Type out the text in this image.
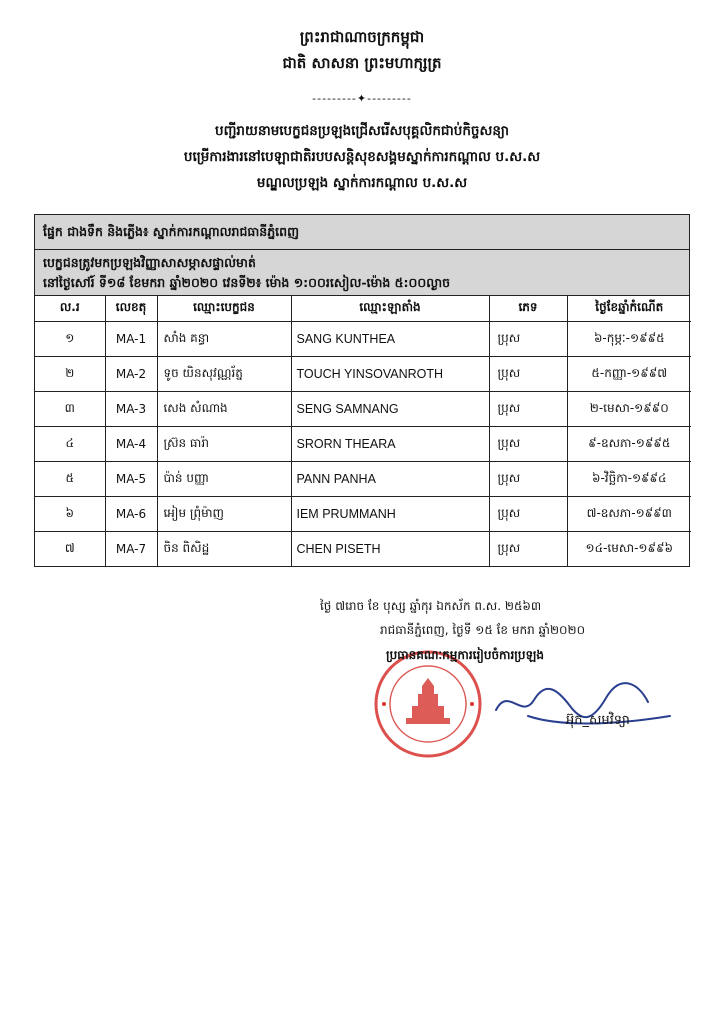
ព្រះរាជាណាចក្រកម្ពុជា
ជាតិ សាសនា ព្រះមហាក្សត្រ
---------✦---------
បញ្ជីរាយនាមបេក្ខជនប្រឡងជ្រើសរើសបុគ្គលិកជាប់កិច្ចសន្យា
បម្រើការងារនៅបេឡាជាតិរបបសន្តិសុខសង្គមស្នាក់ការកណ្តាល ប.ស.ស
មណ្ឌលប្រឡង ស្នាក់ការកណ្តាល ប.ស.ស
ផ្នែក ជាងទឹក និងភ្លើង៖ ស្នាក់ការកណ្តាលរាជធានីភ្នំពេញ
បេក្ខជនត្រូវមកប្រឡងវិញ្ញាសាសម្ភាសផ្ទាល់មាត់
នៅថ្ងៃសៅរ៍ ទី១៨ ខែមករា ឆ្នាំ២០២០ វេនទី២៖ ម៉ោង ១:០០រសៀល-ម៉ោង ៥:០០ល្ងាច
ល.រ	លេខតុ	ឈ្មោះបេក្ខជន	ឈ្មោះឡាតាំង	ភេទ	ថ្ងៃខែឆ្នាំកំណើត
១	MA-1	សាំង គន្ធា	SANG KUNTHEA	ប្រុស	៦-កុម្ភៈ-១៩៩៥
២	MA-2	ទូច យិនសុវណ្ណរ័ត្ន	TOUCH YINSOVANROTH	ប្រុស	៥-កញ្ញា-១៩៩៧
៣	MA-3	សេង សំណាង	SENG SAMNANG	ប្រុស	២-មេសា-១៩៩០
៤	MA-4	ស្រ៊ន ធារ៉ា	SRORN THEARA	ប្រុស	៩-ឧសភា-១៩៩៥
៥	MA-5	ប៉ាន់ បញ្ញា	PANN PANHA	ប្រុស	៦-វិច្ឆិកា-១៩៩៤
៦	MA-6	អៀម ព្រុំម៉ាញ	IEM PRUMMANH	ប្រុស	៧-ឧសភា-១៩៩៣
៧	MA-7	ចិន ពិសិដ្ឋ	CHEN PISETH	ប្រុស	១៤-មេសា-១៩៩៦
ថ្ងៃ ៧រោច ខែ បុស្ស ឆ្នាំកុរ ឯកស័ក ព.ស. ២៥៦៣
រាជធានីភ្នំពេញ, ថ្ងៃទី ១៥ ខែ មករា ឆ្នាំ២០២០
ប្រធានគណៈកម្មការរៀបចំការប្រឡង
អ៊ុក_សមវិទ្យា
